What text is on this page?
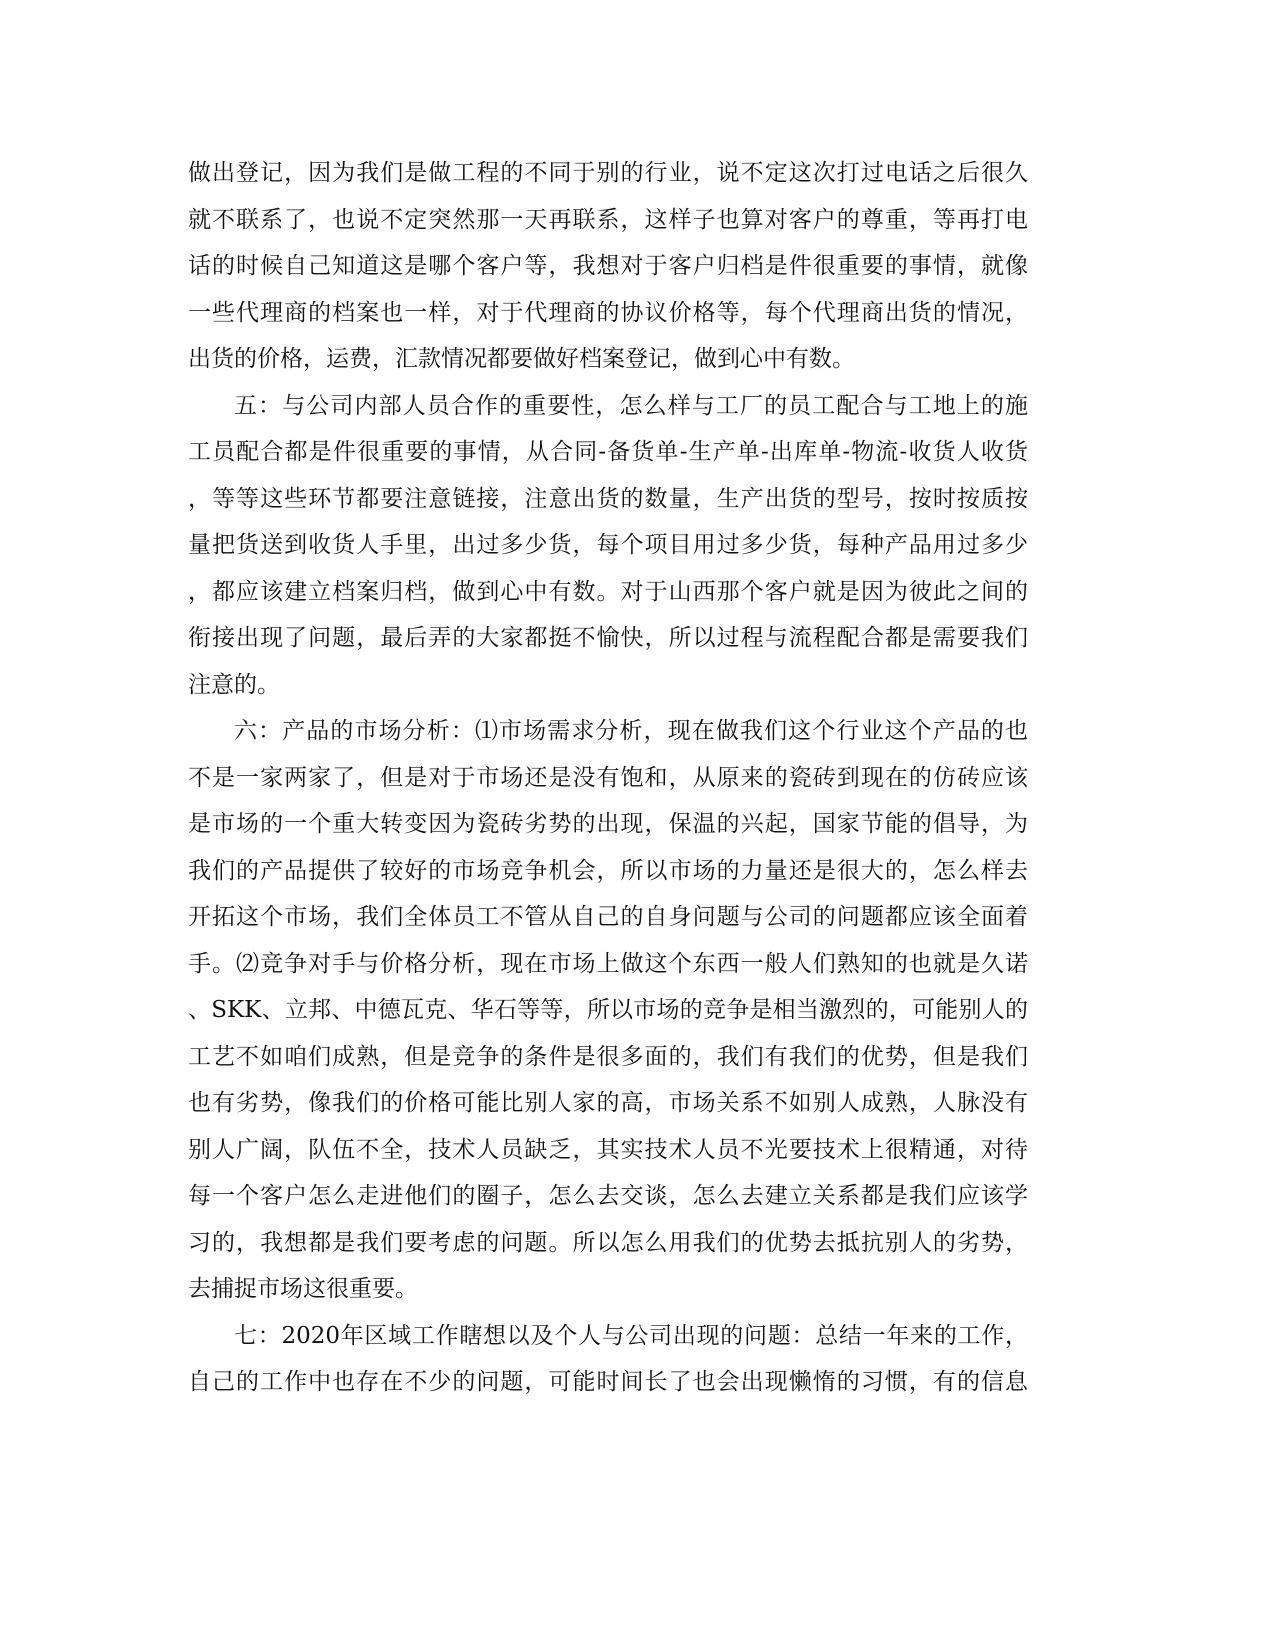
做出登记，因为我们是做工程的不同于别的行业，说不定这次打过电话之后很久
就不联系了，也说不定突然那一天再联系，这样子也算对客户的尊重，等再打电
话的时候自己知道这是哪个客户等，我想对于客户归档是件很重要的事情，就像
一些代理商的档案也一样，对于代理商的协议价格等，每个代理商出货的情况，
出货的价格，运费，汇款情况都要做好档案登记，做到心中有数。
五：与公司内部人员合作的重要性，怎么样与工厂的员工配合与工地上的施
工员配合都是件很重要的事情，从合同-备货单-生产单-出库单-物流-收货人收货
，等等这些环节都要注意链接，注意出货的数量，生产出货的型号，按时按质按
量把货送到收货人手里，出过多少货，每个项目用过多少货，每种产品用过多少
，都应该建立档案归档，做到心中有数。对于山西那个客户就是因为彼此之间的
衔接出现了问题，最后弄的大家都挺不愉快，所以过程与流程配合都是需要我们
注意的。
六：产品的市场分析：⑴市场需求分析，现在做我们这个行业这个产品的也
不是一家两家了，但是对于市场还是没有饱和，从原来的瓷砖到现在的仿砖应该
是市场的一个重大转变因为瓷砖劣势的出现，保温的兴起，国家节能的倡导，为
我们的产品提供了较好的市场竞争机会，所以市场的力量还是很大的，怎么样去
开拓这个市场，我们全体员工不管从自己的自身问题与公司的问题都应该全面着
手。⑵竞争对手与价格分析，现在市场上做这个东西一般人们熟知的也就是久诺
、SKK、立邦、中德瓦克、华石等等，所以市场的竞争是相当激烈的，可能别人的
工艺不如咱们成熟，但是竞争的条件是很多面的，我们有我们的优势，但是我们
也有劣势，像我们的价格可能比别人家的高，市场关系不如别人成熟，人脉没有
别人广阔，队伍不全，技术人员缺乏，其实技术人员不光要技术上很精通，对待
每一个客户怎么走进他们的圈子，怎么去交谈，怎么去建立关系都是我们应该学
习的，我想都是我们要考虑的问题。所以怎么用我们的优势去抵抗别人的劣势，
去捕捉市场这很重要。
七：2020年区域工作瞎想以及个人与公司出现的问题：总结一年来的工作，
自己的工作中也存在不少的问题，可能时间长了也会出现懒惰的习惯，有的信息
